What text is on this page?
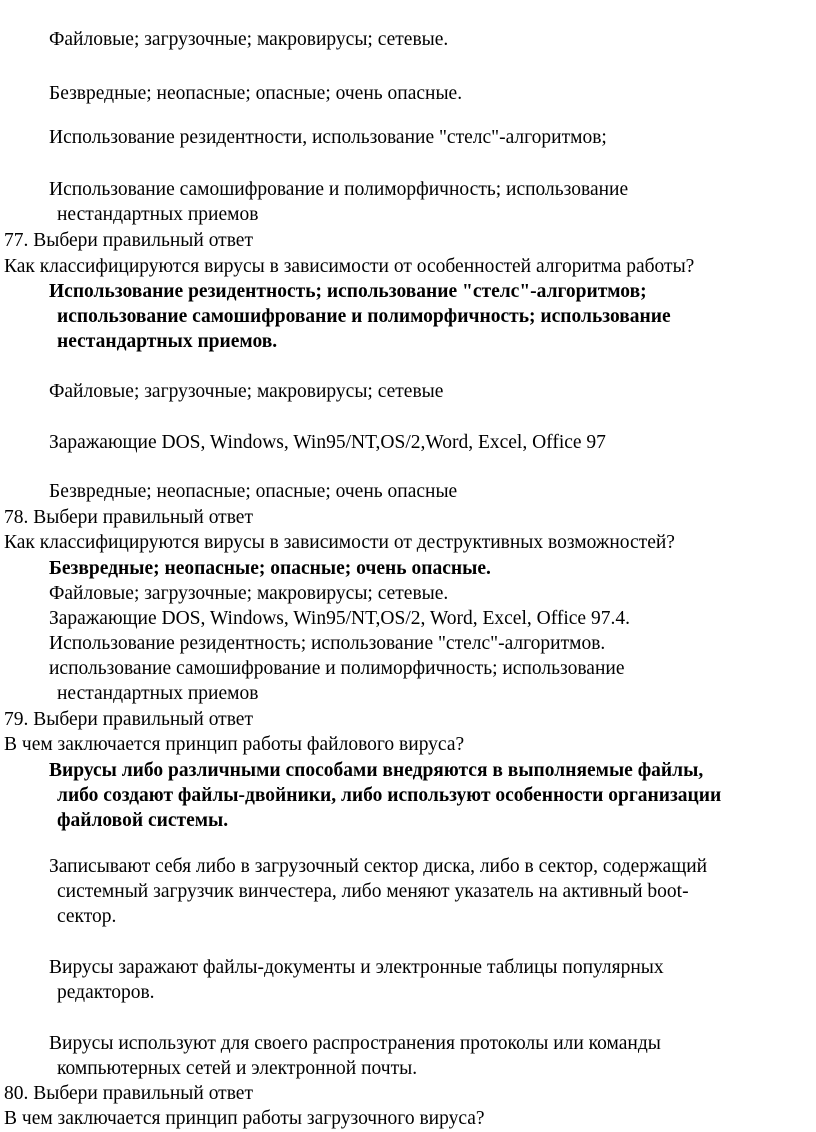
Файловые; загрузочные; макровирусы; сетевые.
Безвредные; неопасные; опасные; очень опасные.
Использование резидентности, использование "стелс"-алгоритмов;
Использование самошифрование и полиморфичность; использование
нестандартных приемов
77. Выбери правильный ответ
Как классифицируются вирусы в зависимости от особенностей алгоритма работы?
Использование резидентность; использование "стелс"-алгоритмов;
использование самошифрование и полиморфичность; использование
нестандартных приемов.
Файловые; загрузочные; макровирусы; сетевые
Заражающие DOS, Windows, Win95/NT,OS/2,Word, Excel, Office 97
Безвредные; неопасные; опасные; очень опасные
78. Выбери правильный ответ
Как классифицируются вирусы в зависимости от деструктивных возможностей?
Безвредные; неопасные; опасные; очень опасные.
Файловые; загрузочные; макровирусы; сетевые.
Заражающие DOS, Windows, Win95/NT,OS/2, Word, Excel, Office 97.4.
Использование резидентность; использование "стелс"-алгоритмов.
использование самошифрование и полиморфичность; использование
нестандартных приемов
79. Выбери правильный ответ
В чем заключается принцип работы файлового вируса?
Вирусы либо различными способами внедряются в выполняемые файлы,
либо создают файлы-двойники, либо используют особенности организации
файловой системы.
Записывают себя либо в загрузочный сектор диска, либо в сектор, содержащий
системный загрузчик винчестера, либо меняют указатель на активный boot-
сектор.
Вирусы заражают файлы-документы и электронные таблицы популярных
редакторов.
Вирусы используют для своего распространения протоколы или команды
компьютерных сетей и электронной почты.
80. Выбери правильный ответ
В чем заключается принцип работы загрузочного вируса?
